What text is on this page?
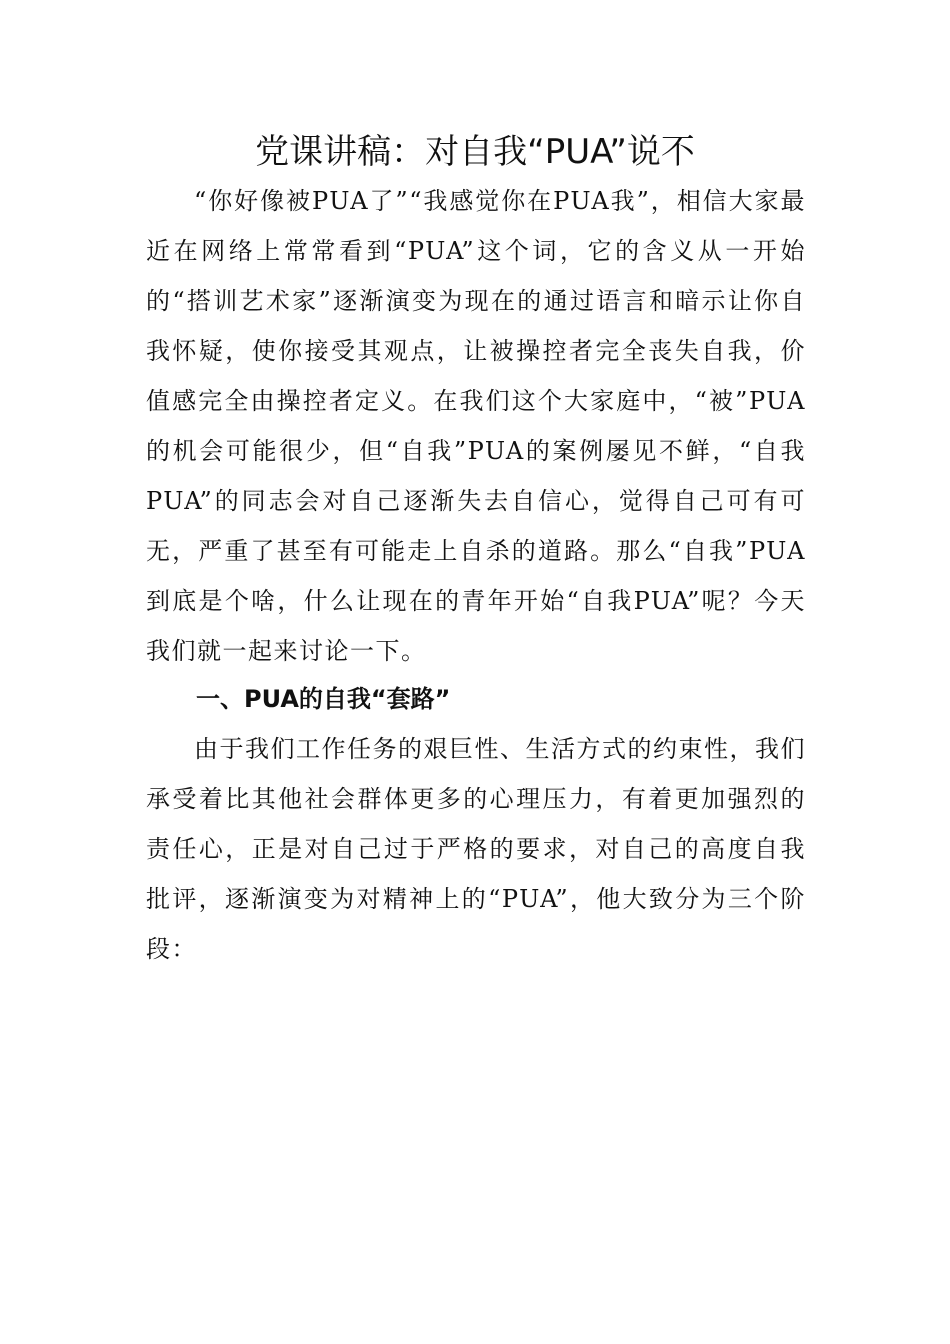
党课讲稿：对自我“PUA”说不

“你好像被PUA了”“我感觉你在PUA我”，相信大家最近在网络上常常看到“PUA”这个词，它的含义从一开始的“搭训艺术家”逐渐演变为现在的通过语言和暗示让你自我怀疑，使你接受其观点，让被操控者完全丧失自我，价值感完全由操控者定义。在我们这个大家庭中，“被”PUA的机会可能很少，但“自我”PUA的案例屡见不鲜，“自我PUA”的同志会对自己逐渐失去自信心，觉得自己可有可无，严重了甚至有可能走上自杀的道路。那么“自我”PUA到底是个啥，什么让现在的青年开始“自我PUA”呢？今天我们就一起来讨论一下。

一、PUA的自我“套路”

由于我们工作任务的艰巨性、生活方式的约束性，我们承受着比其他社会群体更多的心理压力，有着更加强烈的责任心，正是对自己过于严格的要求，对自己的高度自我批评，逐渐演变为对精神上的“PUA”，他大致分为三个阶段：
